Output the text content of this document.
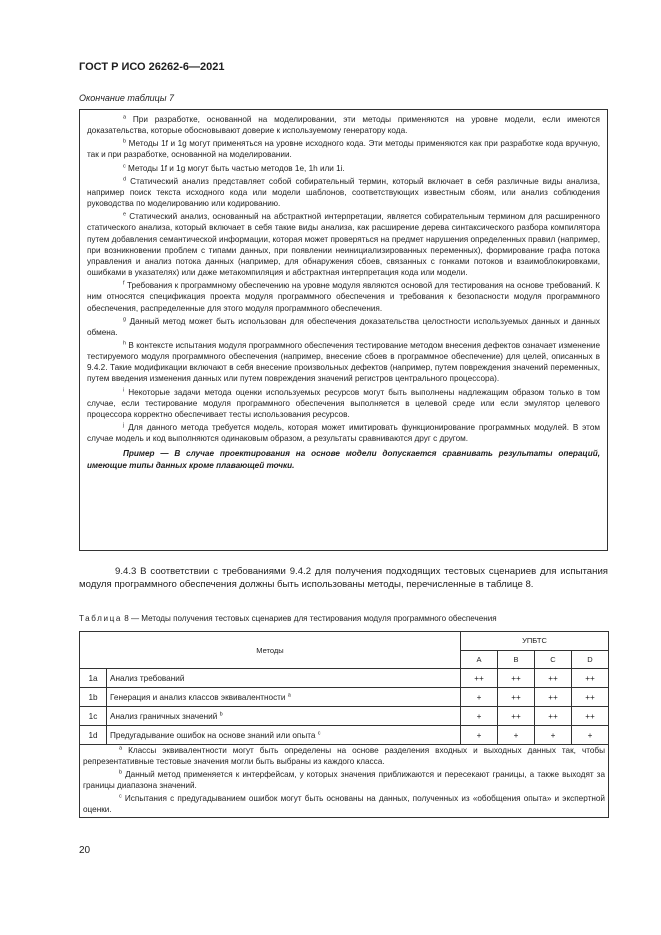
ГОСТ Р ИСО 26262-6—2021
Окончание таблицы 7

$^a$ При разработке, основанной на моделировании, эти методы применяются на уровне модели, если имеются доказательства, которые обосновывают доверие к используемому генератору кода.

$^b$ Методы 1f и 1g могут применяться на уровне исходного кода. Эти методы применяются как при разработке кода вручную, так и при разработке, основанной на моделировании.

$^c$ Методы 1f и 1g могут быть частью методов 1e, 1h или 1i.

$^d$ Статический анализ представляет собой собирательный термин, который включает в себя различные виды анализа, например поиск текста исходного кода или модели шаблонов, соответствующих известным сбоям, или анализ соблюдения руководства по моделированию или кодированию.

$^e$ Статический анализ, основанный на абстрактной интерпретации, является собирательным термином для расширенного статического анализа, который включает в себя такие виды анализа, как расширение дерева синтаксического разбора компилятора путем добавления семантической информации, которая может проверяться на предмет нарушения определенных правил (например, при возникновении проблем с типами данных, при появлении неинициализированных переменных), формирование графа потока управления и анализ потока данных (например, для обнаружения сбоев, связанных с гонками потоков и взаимоблокировками, ошибками в указателях) или даже метакомпиляция и абстрактная интерпретация кода или модели.

$^f$ Требования к программному обеспечению на уровне модуля являются основой для тестирования на основе требований. К ним относятся спецификация проекта модуля программного обеспечения и требования к безопасности модуля программного обеспечения, распределенные для этого модуля программного обеспечения.

$^g$ Данный метод может быть использован для обеспечения доказательства целостности используемых данных и данных обмена.

$^h$ В контексте испытания модуля программного обеспечения тестирование методом внесения дефектов означает изменение тестируемого модуля программного обеспечения (например, внесение сбоев в программное обеспечение) для целей, описанных в 9.4.2. Такие модификации включают в себя внесение произвольных дефектов (например, путем повреждения значений переменных, путем введения изменения данных или путем повреждения значений регистров центрального процессора).

$^i$ Некоторые задачи метода оценки используемых ресурсов могут быть выполнены надлежащим образом только в том случае, если тестирование модуля программного обеспечения выполняется в целевой среде или если эмулятор целевого процессора корректно обеспечивает тесты использования ресурсов.

$^j$ Для данного метода требуется модель, которая может имитировать функционирование программных модулей. В этом случае модель и код выполняются одинаковым образом, а результаты сравниваются друг с другом.

Пример — В случае проектирования на основе модели допускается сравнивать результаты операций, имеющие типы данных кроме плавающей точки.

9.4.3 В соответствии с требованиями 9.4.2 для получения подходящих тестовых сценариев для испытания модуля программного обеспечения должны быть использованы методы, перечисленные в таблице 8.

Таблица 8 — Методы получения тестовых сценариев для тестирования модуля программного обеспечения
Методы		УПБТС			
		A	B	C	D
1a	Анализ требований	++	++	++	++
1b	Генерация и анализ классов эквивалентности $^a$	+	++	++	++
1c	Анализ граничных значений $^b$	+	++	++	++
1d	Предугадывание ошибок на основе знаний или опыта $^c$	+	+	+	+

$^a$ Классы эквивалентности могут быть определены на основе разделения входных и выходных данных так, чтобы репрезентативные тестовые значения могли быть выбраны из каждого класса.

$^b$ Данный метод применяется к интерфейсам, у которых значения приближаются и пересекают границы, а также выходят за границы диапазона значений.

$^c$ Испытания с предугадыванием ошибок могут быть основаны на данных, полученных из «обобщения опыта» и экспертной оценки.					

20
